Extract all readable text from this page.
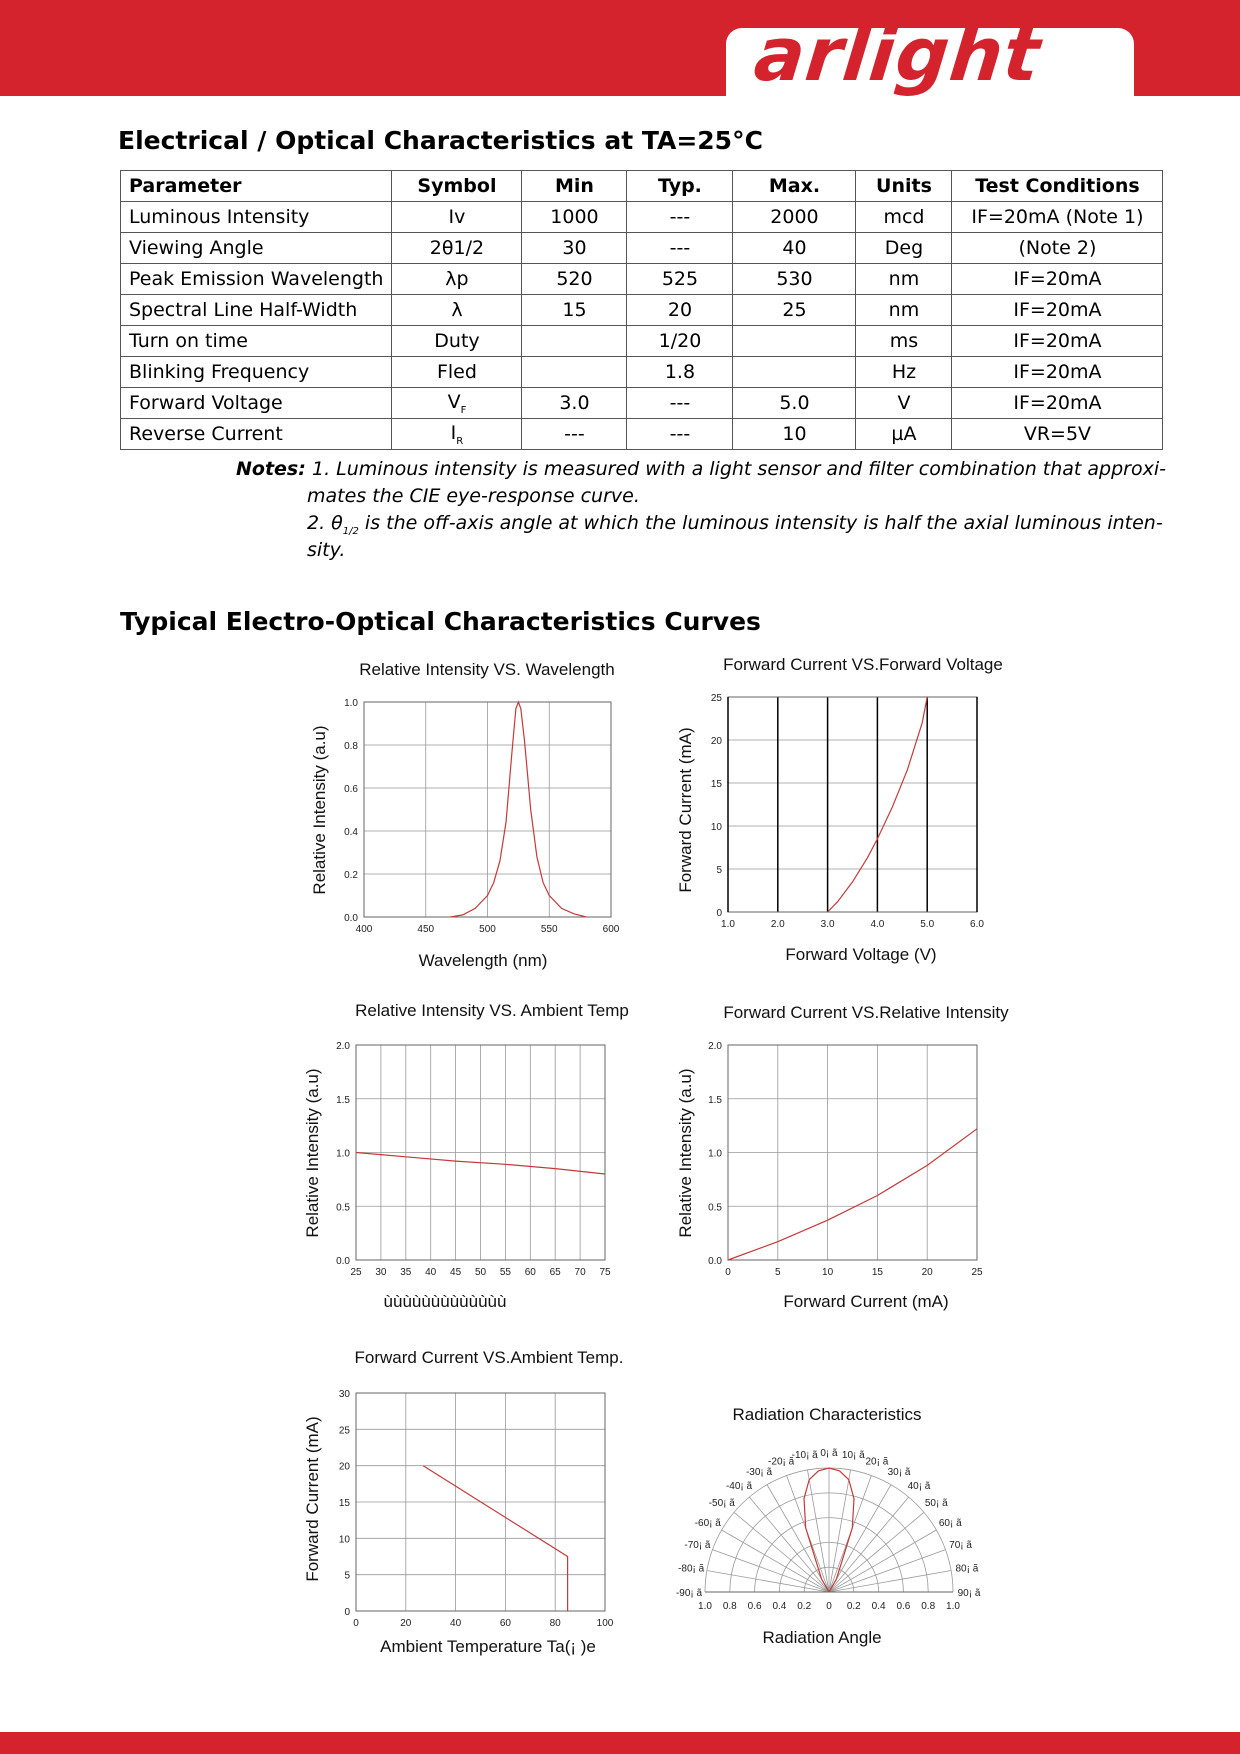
arlight	R
Electrical / Optical Characteristics at TA=25°C
Parameter	Symbol	Min	Typ.	Max.	Units	Test Conditions
Luminous Intensity	Iv	1000	---	2000	mcd	IF=20mA (Note 1)
Viewing Angle	2θ1/2	30	---	40	Deg	(Note 2)
Peak Emission Wavelength	λp	520	525	530	nm	IF=20mA
Spectral Line Half-Width	λ	15	20	25	nm	IF=20mA
Turn on time	Duty		1/20		ms	IF=20mA
Blinking Frequency	Fled		1.8		Hz	IF=20mA
Forward Voltage	$V_F$	3.0	---	5.0	V	IF=20mA
Reverse Current	$I_R$	---	---	10	µA	VR=5V
Notes: 1. Luminous intensity is measured with a light sensor and filter combination that approxi-
mates the CIE eye-response curve.
2. $\theta_{1/2}$ is the off-axis angle at which the luminous intensity is half the axial luminous inten-
sity.
Typical Electro-Optical Characteristics Curves
400	450	500	550	600
0.0
0.2
0.4
0.6
0.8
1.0
Relative Intensity VS. Wavelength
Wavelength (nm)
Relative Intensity (a.u)
1.0	2.0	3.0	4.0	5.0	6.0
0
5
10
15
20
25
Forward Current VS.Forward Voltage
Forward Voltage (V)
Forward Current (mA)
25 30 35 40 45 50 55 60 65 70 75
0.0
0.5
1.0
1.5
2.0
Relative Intensity VS. Ambient Temp
ùùùùùùùùùùùùù
Relative Intensity (a.u)
0	5	10	15	20	25
0.0
0.5
1.0
1.5
2.0
Forward Current VS.Relative Intensity
Forward Current (mA)
Relative Intensity (a.u)
0	20	40	60	80	100
0
5
10
15
20
25
30
Forward Current VS.Ambient Temp.
Ambient Temperature Ta(¡ )e
Forward Current (mA)
Radiation Characteristics
Radiation Angle
1.0 0.8 0.6 0.4 0.2 0 0.2 0.4 0.6 0.8 1.0
-90¡ ã
-80¡ ã
-70¡ ã
-60¡ ã
-50¡ ã
-40¡ ã
-30¡ ã
-20¡ ã
-10¡ ã 0¡ ã 10¡ ã
20¡ ã
30¡ ã
40¡ ã
50¡ ã
60¡ ã
70¡ ã
80¡ ã
90¡ ã
